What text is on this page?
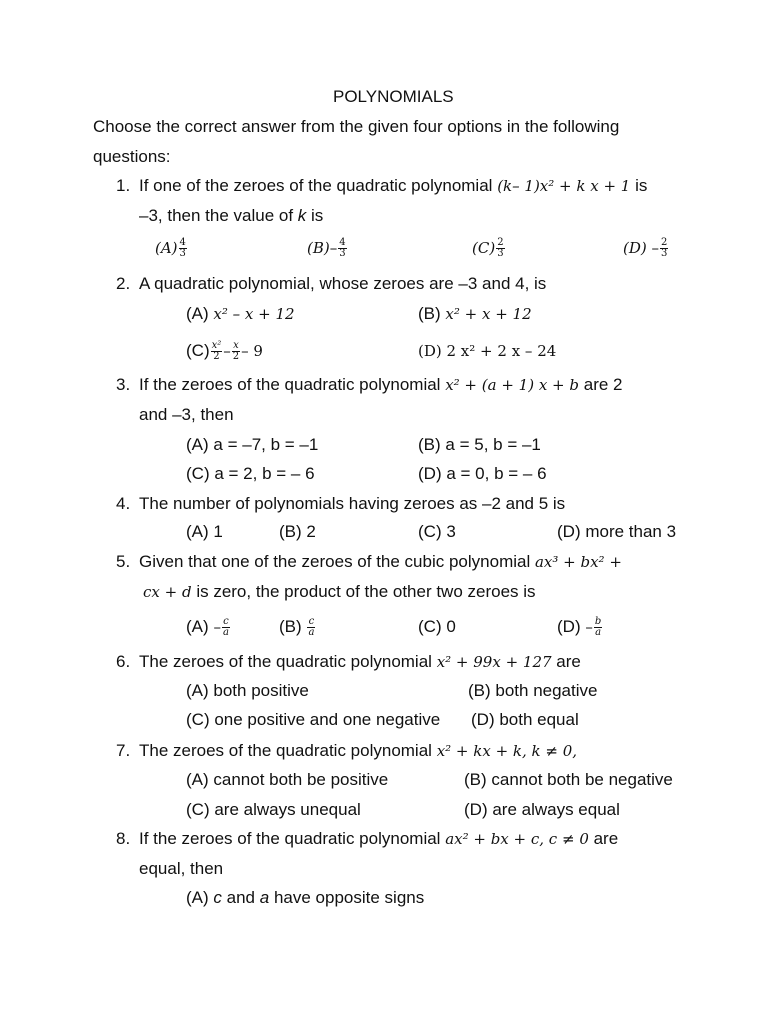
POLYNOMIALS
Choose the correct answer from the given four options in the following
questions:
1. If one of the zeroes of the quadratic polynomial (k– 1)x² + k x + 1 is
–3, then the value of k is
$(A) \frac{4}{3}$	$(B)- \frac{4}{3}$	$(C) \frac{2}{3}$	$(D) - \frac{2}{3}$
2. A quadratic polynomial, whose zeroes are –3 and 4, is
(A) x² – x + 12	(B) x² + x + 12
$(C) \frac{\text{x²}}{2} - \frac{x}{2} - 9$	(D) 2 x² + 2 x – 24
3. If the zeroes of the quadratic polynomial x² + (a + 1) x + b are 2
and –3, then
(A) a = –7, b = –1	(B) a = 5, b = –1
(C) a = 2, b = – 6	(D) a = 0, b = – 6
4. The number of polynomials having zeroes as –2 and 5 is
(A) 1	(B) 2	(C) 3	(D) more than 3
5. Given that one of the zeroes of the cubic polynomial ax³ + bx² +
cx + d is zero, the product of the other two zeroes is
$(A) - \frac{c}{a}$	$(B) \frac{c}{a}$	(C) 0	$(D) - \frac{b}{a}$
6. The zeroes of the quadratic polynomial x² + 99x + 127 are
(A) both positive	(B) both negative
(C) one positive and one negative (D) both equal
7. The zeroes of the quadratic polynomial x² + kx + k, k ≠ 0,
(A) cannot both be positive	(B) cannot both be negative
(C) are always unequal	(D) are always equal
8. If the zeroes of the quadratic polynomial ax² + bx + c, c ≠ 0 are
equal, then
(A) c and a have opposite signs
